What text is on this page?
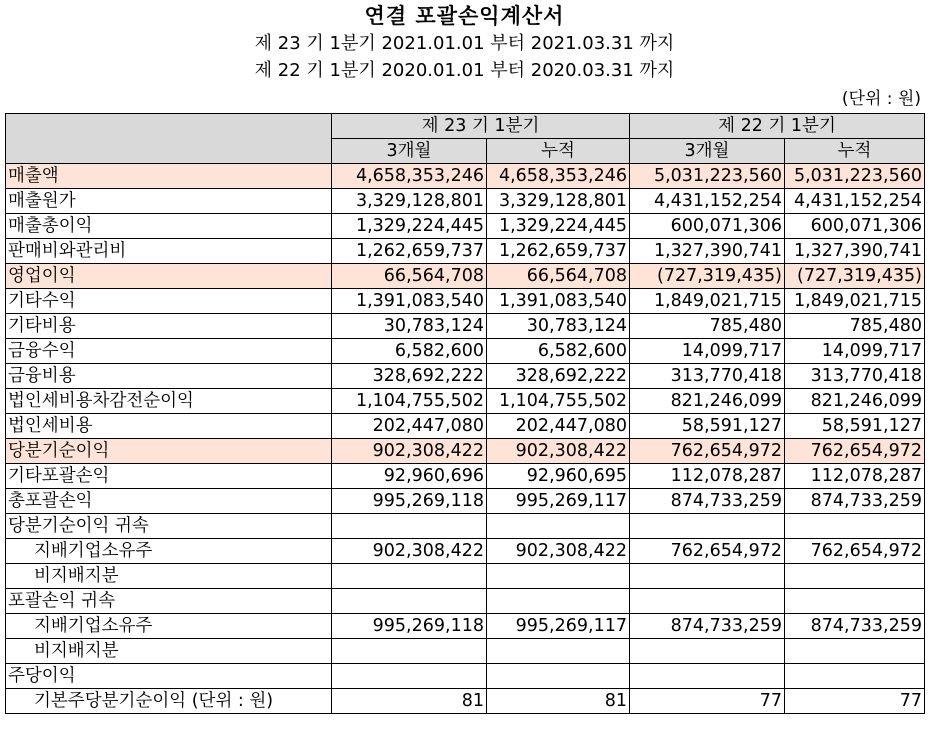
연결 포괄손익계산서
제 23 기 1분기 2021.01.01 부터 2021.03.31 까지
제 22 기 1분기 2020.01.01 부터 2020.03.31 까지
(단위 : 원)
	제 23 기 1분기		제 22 기 1분기	
	3개월	누적	3개월	누적
매출액	4,658,353,246	4,658,353,246	5,031,223,560	5,031,223,560
매출원가	3,329,128,801	3,329,128,801	4,431,152,254	4,431,152,254
매출총이익	1,329,224,445	1,329,224,445	600,071,306	600,071,306
판매비와관리비	1,262,659,737	1,262,659,737	1,327,390,741	1,327,390,741
영업이익	66,564,708	66,564,708	(727,319,435)	(727,319,435)
기타수익	1,391,083,540	1,391,083,540	1,849,021,715	1,849,021,715
기타비용	30,783,124	30,783,124	785,480	785,480
금융수익	6,582,600	6,582,600	14,099,717	14,099,717
금융비용	328,692,222	328,692,222	313,770,418	313,770,418
법인세비용차감전순이익	1,104,755,502	1,104,755,502	821,246,099	821,246,099
법인세비용	202,447,080	202,447,080	58,591,127	58,591,127
당분기순이익	902,308,422	902,308,422	762,654,972	762,654,972
기타포괄손익	92,960,696	92,960,695	112,078,287	112,078,287
총포괄손익	995,269,118	995,269,117	874,733,259	874,733,259
당분기순이익 귀속				
지배기업소유주	902,308,422	902,308,422	762,654,972	762,654,972
비지배지분				
포괄손익 귀속				
지배기업소유주	995,269,118	995,269,117	874,733,259	874,733,259
비지배지분				
주당이익				
기본주당분기순이익 (단위 : 원)	81	81	77	77
